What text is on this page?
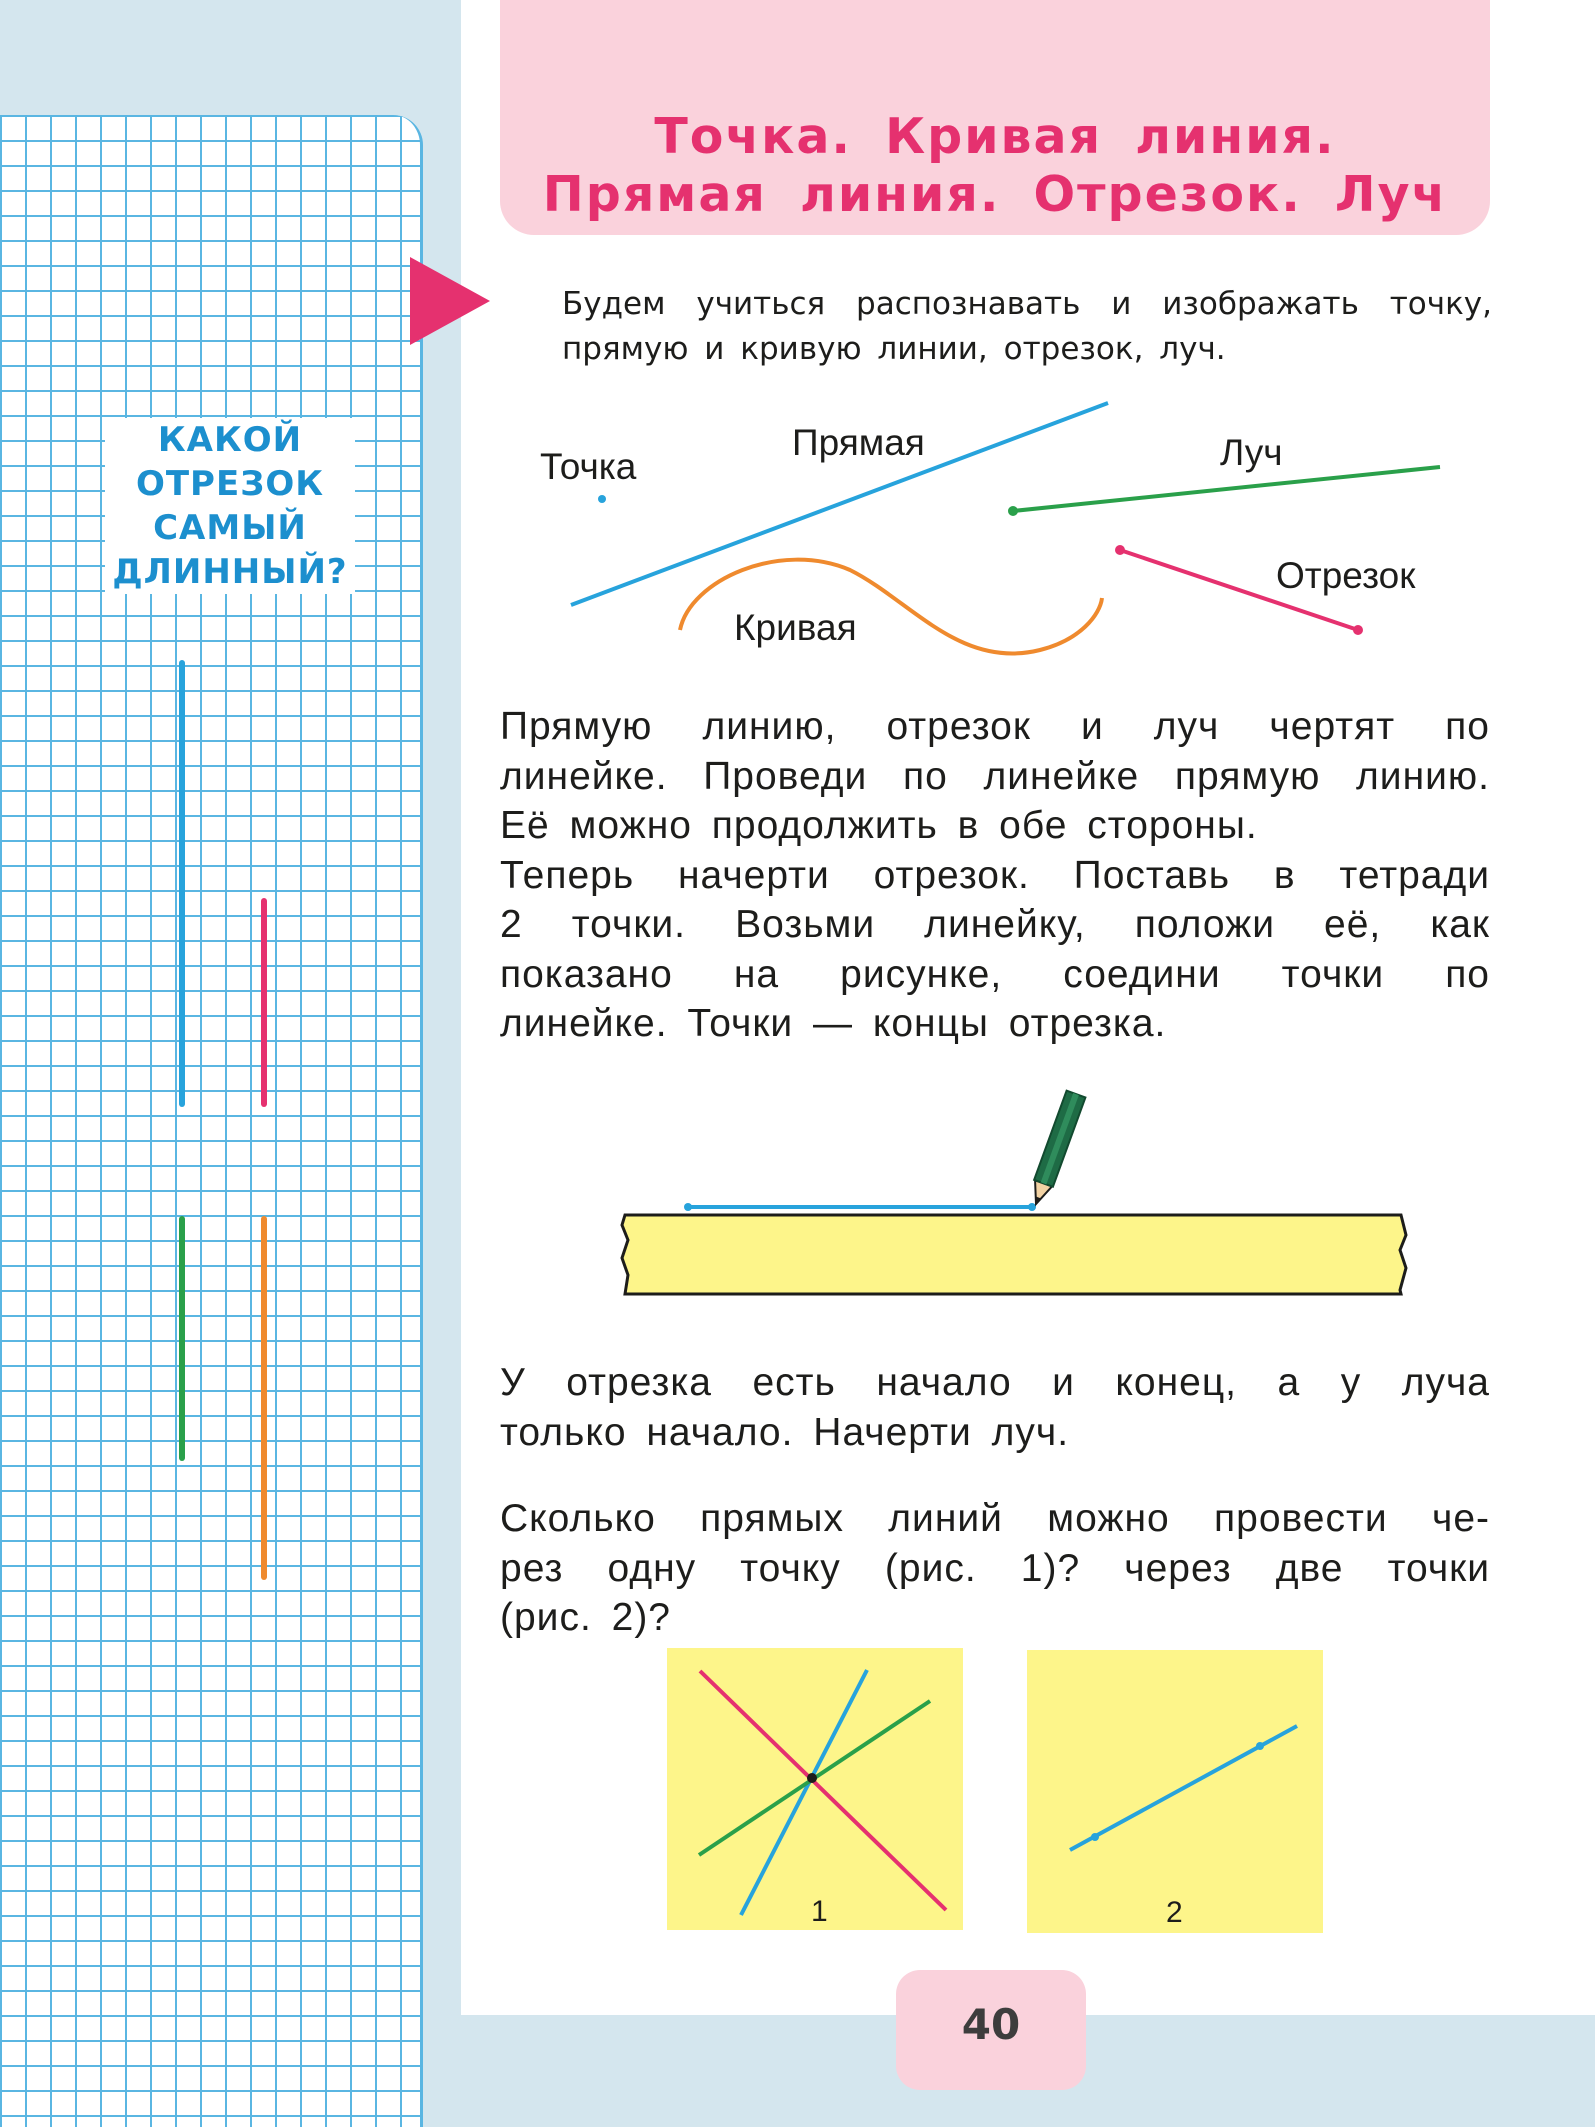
КАКОЙ
ОТРЕЗОК
САМЫЙ
ДЛИННЫЙ?
Точка. Кривая линия.
Прямая линия. Отрезок. Луч
Будем учиться распознавать и изображать точку, прямую и кривую линии, отрезок, луч.
Точка
Прямая	Луч
Отрезок
Кривая
Прямую линию, отрезок и луч чертят по
линейке. Проведи по линейке прямую линию.
Её можно продолжить в обе стороны.
Теперь начерти отрезок. Поставь в тетради
2 точки. Возьми линейку, положи её, как
показано на рисунке, соедини точки по
линейке. Точки — концы отрезка.
У отрезка есть начало и конец, а у луча
только начало. Начерти луч.
Сколько прямых линий можно провести че-
рез одну точку (рис. 1)? через две точки
(рис. 2)?
1	2
40
